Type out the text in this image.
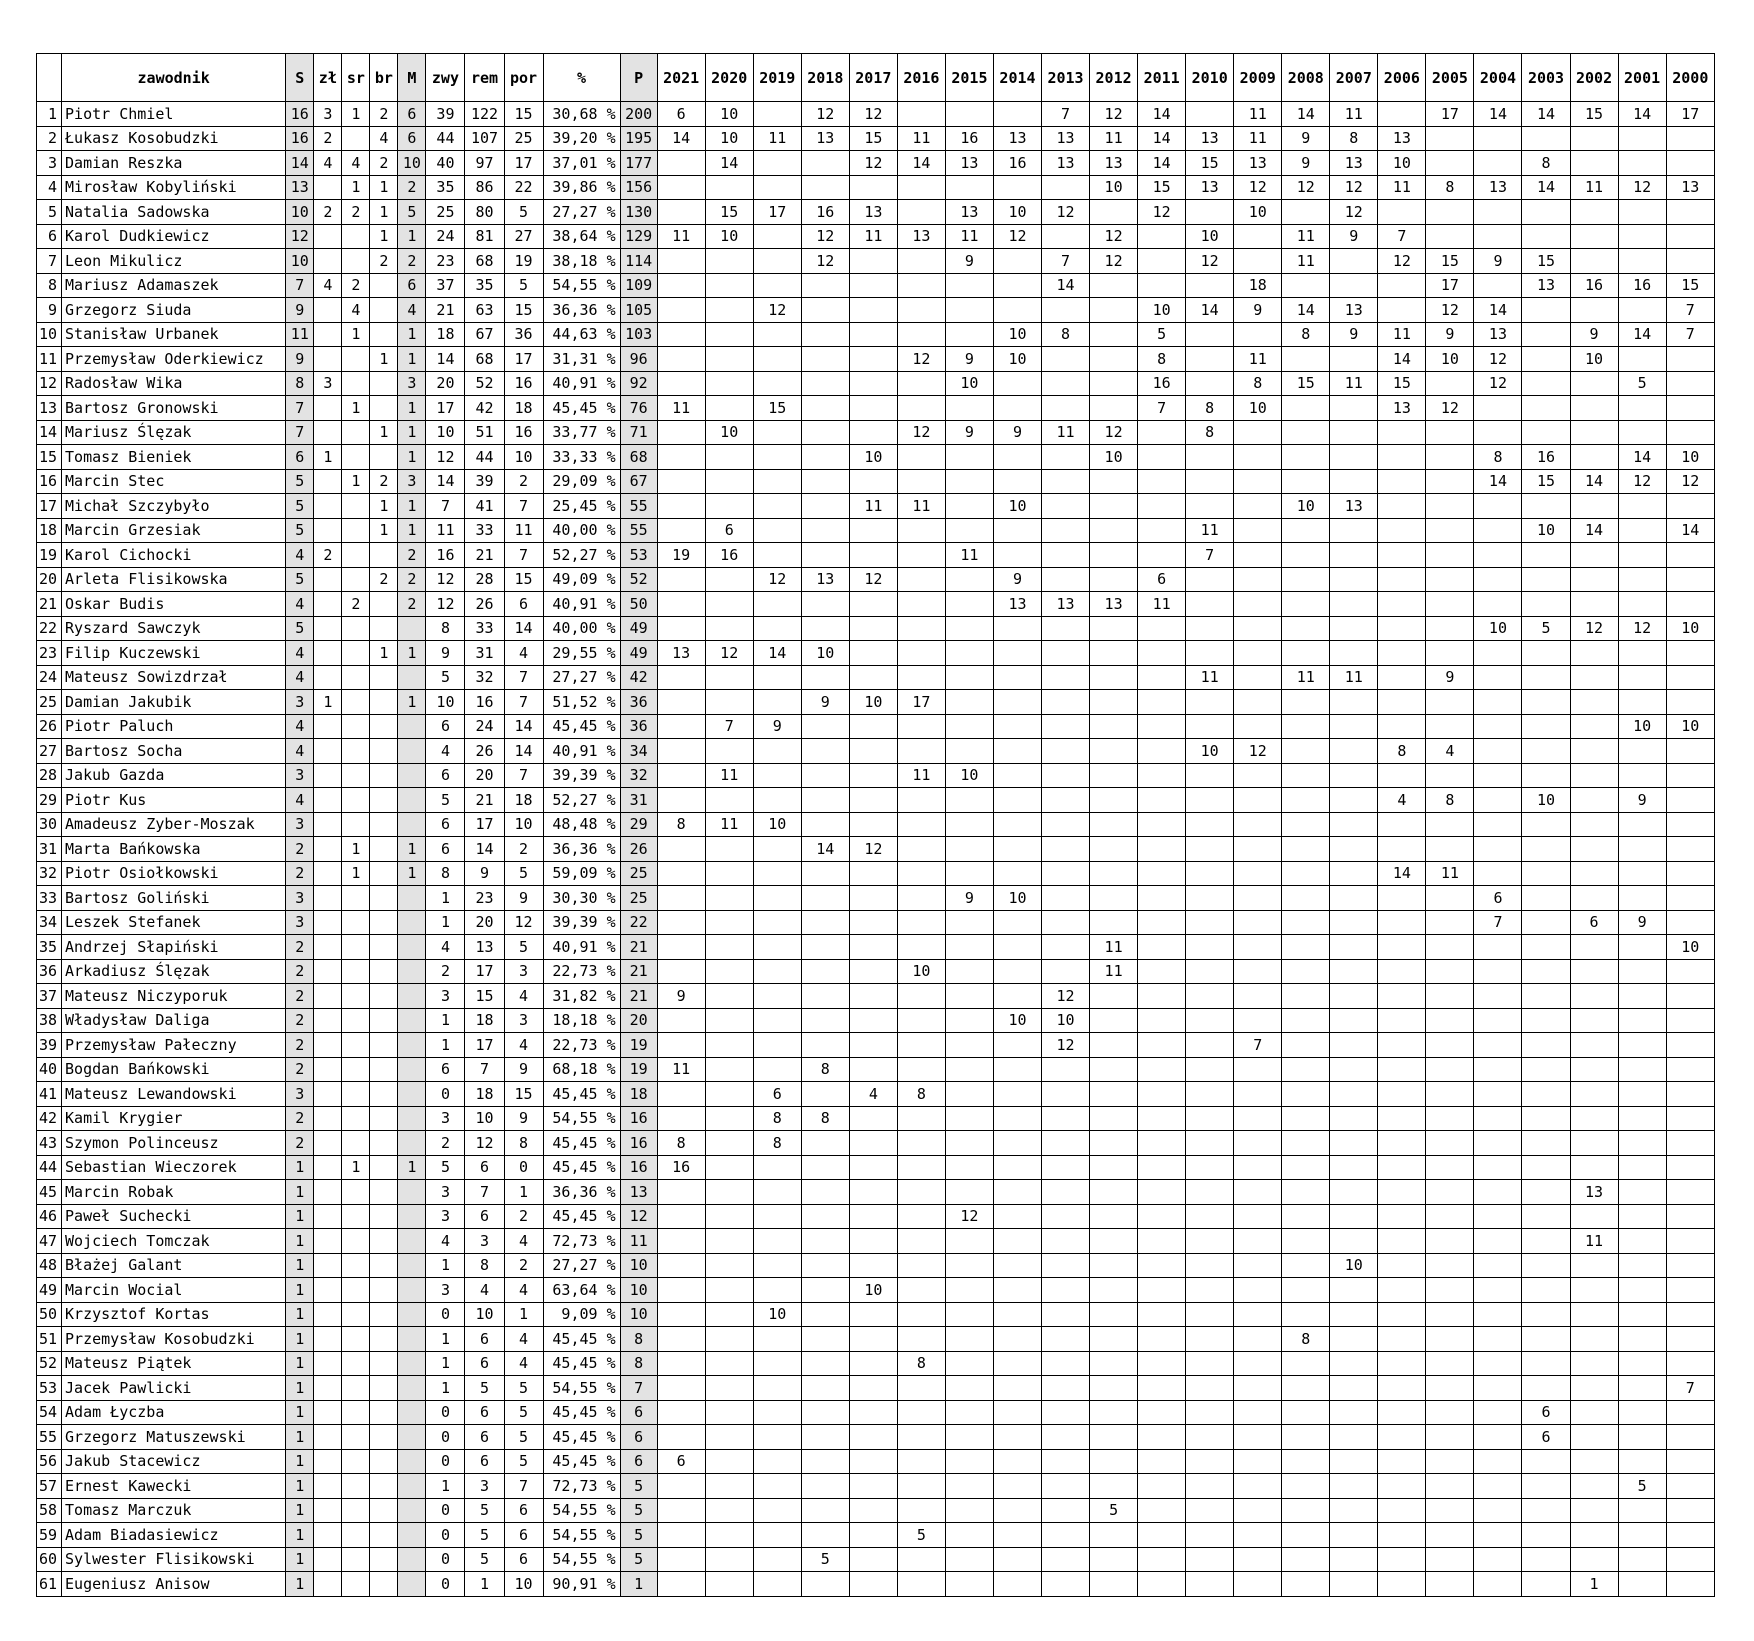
	zawodnik	S	zł	sr	br	M	zwy	rem	por	%	P	2021	2020	2019	2018	2017	2016	2015	2014	2013	2012	2011	2010	2009	2008	2007	2006	2005	2004	2003	2002	2001	2000
1	Piotr Chmiel	16	3	1	2	6	39	122	15	30,68 %	200	6	10		12	12				7	12	14		11	14	11		17	14	14	15	14	17
2	Łukasz Kosobudzki	16	2		4	6	44	107	25	39,20 %	195	14	10	11	13	15	11	16	13	13	11	14	13	11	9	8	13						
3	Damian Reszka	14	4	4	2	10	40	97	17	37,01 %	177		14			12	14	13	16	13	13	14	15	13	9	13	10			8			
4	Mirosław Kobyliński	13		1	1	2	35	86	22	39,86 %	156										10	15	13	12	12	12	11	8	13	14	11	12	13
5	Natalia Sadowska	10	2	2	1	5	25	80	5	27,27 %	130		15	17	16	13		13	10	12		12		10		12							
6	Karol Dudkiewicz	12			1	1	24	81	27	38,64 %	129	11	10		12	11	13	11	12		12		10		11	9	7						
7	Leon Mikulicz	10			2	2	23	68	19	38,18 %	114				12			9		7	12		12		11		12	15	9	15			
8	Mariusz Adamaszek	7	4	2		6	37	35	5	54,55 %	109									14				18				17		13	16	16	15
9	Grzegorz Siuda	9		4		4	21	63	15	36,36 %	105			12								10	14	9	14	13		12	14				7
10	Stanisław Urbanek	11		1		1	18	67	36	44,63 %	103								10	8		5			8	9	11	9	13		9	14	7
11	Przemysław Oderkiewicz	9			1	1	14	68	17	31,31 %	96						12	9	10			8		11			14	10	12		10		
12	Radosław Wika	8	3			3	20	52	16	40,91 %	92							10				16		8	15	11	15		12			5	
13	Bartosz Gronowski	7		1		1	17	42	18	45,45 %	76	11		15								7	8	10			13	12					
14	Mariusz Ślęzak	7			1	1	10	51	16	33,77 %	71		10				12	9	9	11	12		8										
15	Tomasz Bieniek	6	1			1	12	44	10	33,33 %	68					10					10								8	16		14	10
16	Marcin Stec	5		1	2	3	14	39	2	29,09 %	67																		14	15	14	12	12
17	Michał Szczybyło	5			1	1	7	41	7	25,45 %	55					11	11		10						10	13							
18	Marcin Grzesiak	5			1	1	11	33	11	40,00 %	55		6										11							10	14		14
19	Karol Cichocki	4	2			2	16	21	7	52,27 %	53	19	16					11					7										
20	Arleta Flisikowska	5			2	2	12	28	15	49,09 %	52			12	13	12			9			6											
21	Oskar Budis	4		2		2	12	26	6	40,91 %	50								13	13	13	11											
22	Ryszard Sawczyk	5					8	33	14	40,00 %	49																		10	5	12	12	10
23	Filip Kuczewski	4			1	1	9	31	4	29,55 %	49	13	12	14	10																		
24	Mateusz Sowizdrzał	4					5	32	7	27,27 %	42												11		11	11		9					
25	Damian Jakubik	3	1			1	10	16	7	51,52 %	36				9	10	17																
26	Piotr Paluch	4					6	24	14	45,45 %	36		7	9																		10	10
27	Bartosz Socha	4					4	26	14	40,91 %	34												10	12			8	4					
28	Jakub Gazda	3					6	20	7	39,39 %	32		11				11	10															
29	Piotr Kus	4					5	21	18	52,27 %	31																4	8		10		9	
30	Amadeusz Zyber-Moszak	3					6	17	10	48,48 %	29	8	11	10																			
31	Marta Bańkowska	2		1		1	6	14	2	36,36 %	26				14	12																	
32	Piotr Osiołkowski	2		1		1	8	9	5	59,09 %	25																14	11					
33	Bartosz Goliński	3					1	23	9	30,30 %	25							9	10										6				
34	Leszek Stefanek	3					1	20	12	39,39 %	22																		7		6	9	
35	Andrzej Słapiński	2					4	13	5	40,91 %	21										11												10
36	Arkadiusz Ślęzak	2					2	17	3	22,73 %	21						10				11												
37	Mateusz Niczyporuk	2					3	15	4	31,82 %	21	9								12													
38	Władysław Daliga	2					1	18	3	18,18 %	20								10	10													
39	Przemysław Pałeczny	2					1	17	4	22,73 %	19									12				7									
40	Bogdan Bańkowski	2					6	7	9	68,18 %	19	11			8																		
41	Mateusz Lewandowski	3					0	18	15	45,45 %	18			6		4	8																
42	Kamil Krygier	2					3	10	9	54,55 %	16			8	8																		
43	Szymon Polinceusz	2					2	12	8	45,45 %	16	8		8																			
44	Sebastian Wieczorek	1		1		1	5	6	0	45,45 %	16	16																					
45	Marcin Robak	1					3	7	1	36,36 %	13																				13		
46	Paweł Suchecki	1					3	6	2	45,45 %	12							12															
47	Wojciech Tomczak	1					4	3	4	72,73 %	11																				11		
48	Błażej Galant	1					1	8	2	27,27 %	10															10							
49	Marcin Wocial	1					3	4	4	63,64 %	10					10																	
50	Krzysztof Kortas	1					0	10	1	9,09 %	10			10																			
51	Przemysław Kosobudzki	1					1	6	4	45,45 %	8														8								
52	Mateusz Piątek	1					1	6	4	45,45 %	8						8																
53	Jacek Pawlicki	1					1	5	5	54,55 %	7																						7
54	Adam Łyczba	1					0	6	5	45,45 %	6																			6			
55	Grzegorz Matuszewski	1					0	6	5	45,45 %	6																			6			
56	Jakub Stacewicz	1					0	6	5	45,45 %	6	6																					
57	Ernest Kawecki	1					1	3	7	72,73 %	5																					5	
58	Tomasz Marczuk	1					0	5	6	54,55 %	5										5												
59	Adam Biadasiewicz	1					0	5	6	54,55 %	5						5																
60	Sylwester Flisikowski	1					0	5	6	54,55 %	5				5																		
61	Eugeniusz Anisow	1					0	1	10	90,91 %	1																				1		
